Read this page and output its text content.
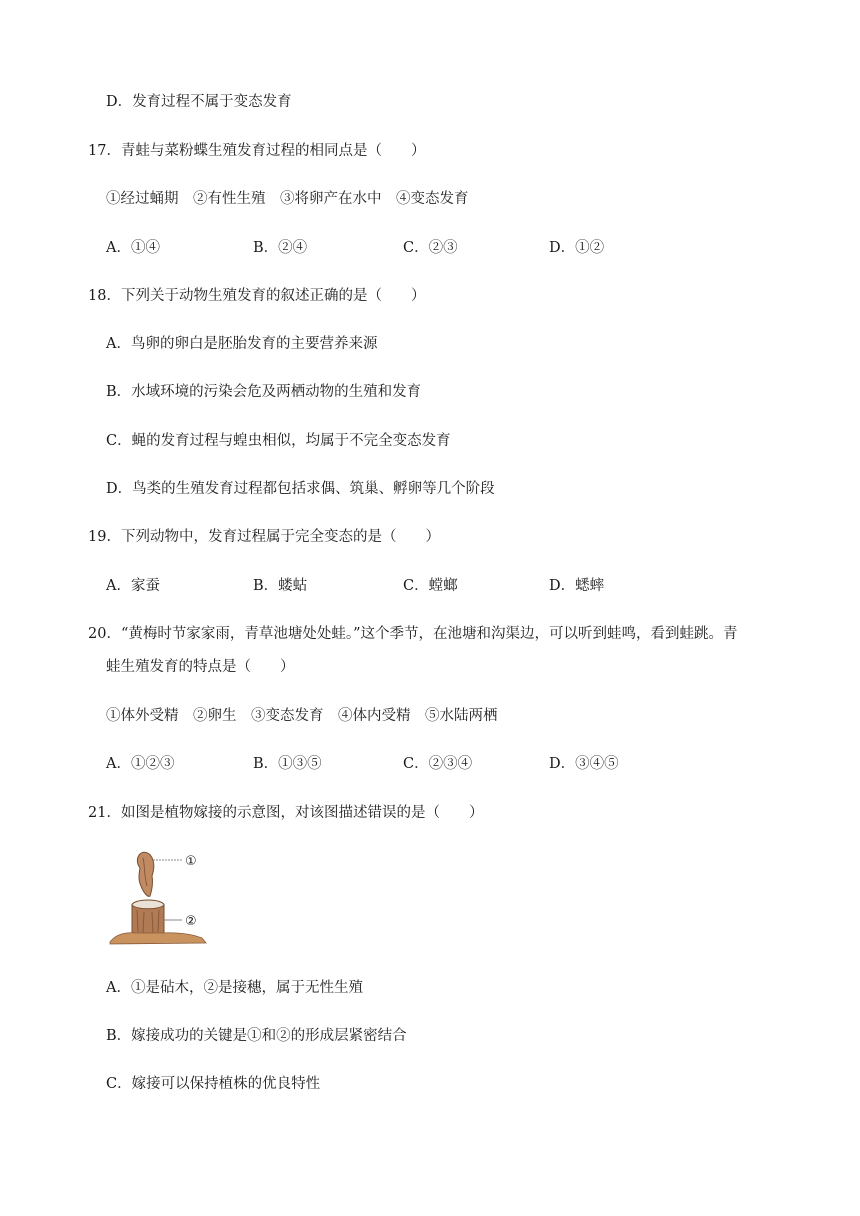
D．发育过程不属于变态发育
17．青蛙与菜粉蝶生殖发育过程的相同点是（　　）
①经过蛹期　②有性生殖　③将卵产在水中　④变态发育
A．①④	B．②④	C．②③	D．①②
18．下列关于动物生殖发育的叙述正确的是（　　）
A．鸟卵的卵白是胚胎发育的主要营养来源
B．水域环境的污染会危及两栖动物的生殖和发育
C．蝇的发育过程与蝗虫相似，均属于不完全变态发育
D．鸟类的生殖发育过程都包括求偶、筑巢、孵卵等几个阶段
19．下列动物中，发育过程属于完全变态的是（　　）
A．家蚕	B．蝼蛄	C．螳螂	D．蟋蟀
20．“黄梅时节家家雨，青草池塘处处蛙。”这个季节，在池塘和沟渠边，可以听到蛙鸣，看到蛙跳。青
蛙生殖发育的特点是（　　）
①体外受精　②卵生　③变态发育　④体内受精　⑤水陆两栖
A．①②③	B．①③⑤	C．②③④	D．③④⑤
21．如图是植物嫁接的示意图，对该图描述错误的是（　　）
①
②
A．①是砧木，②是接穗，属于无性生殖
B．嫁接成功的关键是①和②的形成层紧密结合
C．嫁接可以保持植株的优良特性
